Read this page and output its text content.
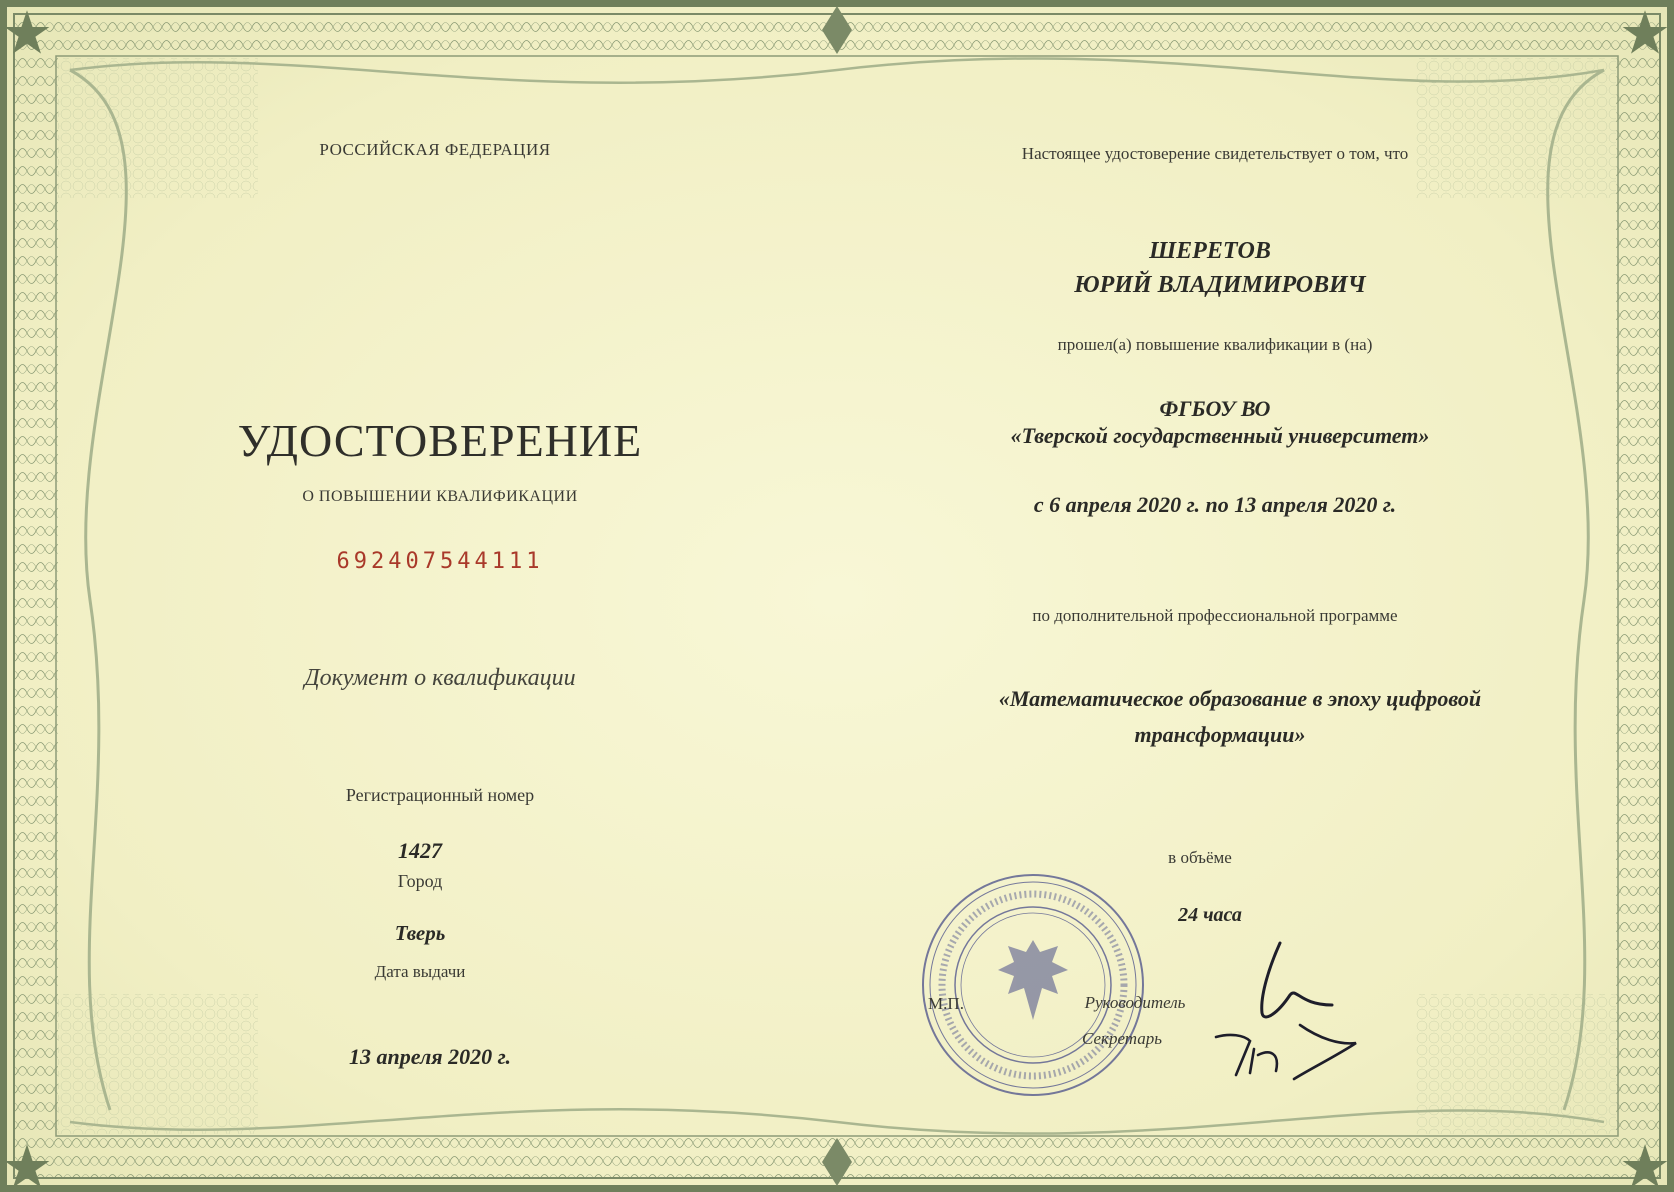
РОССИЙСКАЯ ФЕДЕРАЦИЯ
УДОСТОВЕРЕНИЕ
О ПОВЫШЕНИИ КВАЛИФИКАЦИИ
692407544111
Документ о квалификации
Регистрационный номер
1427
Город
Тверь
Дата выдачи
13 апреля 2020 г.
Настоящее удостоверение свидетельствует о том, что
ШЕРЕТОВ
ЮРИЙ ВЛАДИМИРОВИЧ
прошел(а) повышение квалификации в (на)
ФГБОУ ВО
«Тверской государственный университет»
с 6 апреля 2020 г. по 13 апреля 2020 г.
по дополнительной профессиональной программе
«Математическое образование в эпоху цифровой
трансформации»
в объёме
24 часа
М.П.	Руководитель
Секретарь
